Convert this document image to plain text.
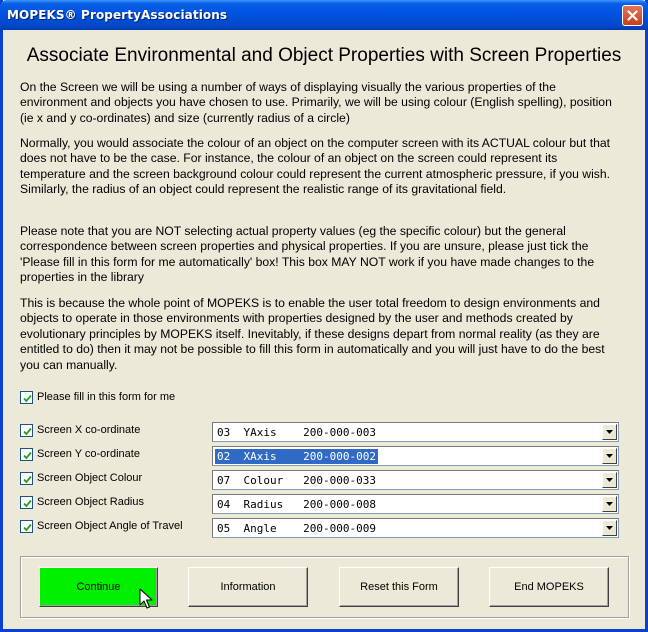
MOPEKS® PropertyAssociations
Associate Environmental and Object Properties with Screen Properties

On the Screen we will be using a number of ways of displaying visually the various properties of the environment and objects you have chosen to use. Primarily, we will be using colour (English spelling), position (ie x and y co-ordinates) and size (currently radius of a circle)

Normally, you would associate the colour of an object on the computer screen with its ACTUAL colour but that does not have to be the case. For instance, the colour of an object on the screen could represent its temperature and the screen background colour could represent the current atmospheric pressure, if you wish. Similarly, the radius of an object could represent the realistic range of its gravitational field.

Please note that you are NOT selecting actual property values (eg the specific colour) but the general correspondence between screen properties and physical properties. If you are unsure, please just tick the 'Please fill in this form for me automatically' box! This box MAY NOT work if you have made changes to the properties in the library

This is because the whole point of MOPEKS is to enable the user total freedom to design environments and objects to operate in those environments with properties designed by the user and methods created by evolutionary principles by MOPEKS itself. Inevitably, if these designs depart from normal reality (as they are entitled to do) then it may not be possible to fill this form in automatically and you will just have to do the best you can manually.

Please fill in this form for me
Screen X co-ordinate	03  YAxis    200-000-003
Screen Y co-ordinate	02  XAxis    200-000-002
Screen Object Colour	07  Colour   200-000-033
Screen Object Radius	04  Radius   200-000-008
Screen Object Angle of Travel	05  Angle    200-000-009
Continue	Information	Reset this Form	End MOPEKS
